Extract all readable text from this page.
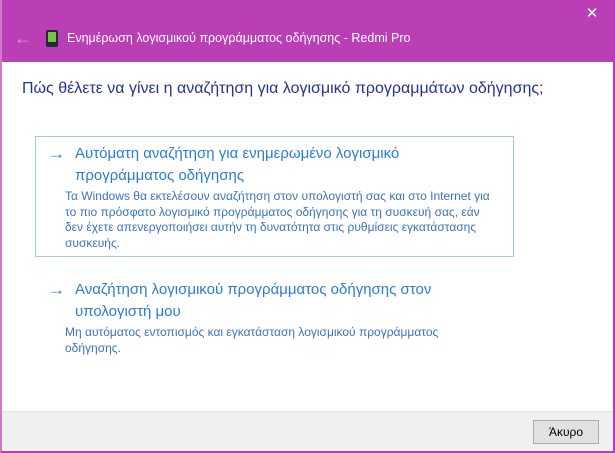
✕
←	Ενημέρωση λογισμικού προγράμματος οδήγησης - Redmi Pro
Πώς θέλετε να γίνει η αναζήτηση για λογισμικό προγραμμάτων οδήγησης;
→ Αυτόματη αναζήτηση για ενημερωμένο λογισμικό
προγράμματος οδήγησης
Τα Windows θα εκτελέσουν αναζήτηση στον υπολογιστή σας και στο Internet για
το πιο πρόσφατο λογισμικό προγράμματος οδήγησης για τη συσκευή σας, εάν
δεν έχετε απενεργοποιήσει αυτήν τη δυνατότητα στις ρυθμίσεις εγκατάστασης
συσκευής.
→ Αναζήτηση λογισμικού προγράμματος οδήγησης στον
υπολογιστή μου
Μη αυτόματος εντοπισμός και εγκατάσταση λογισμικού προγράμματος
οδήγησης.
Άκυρο
